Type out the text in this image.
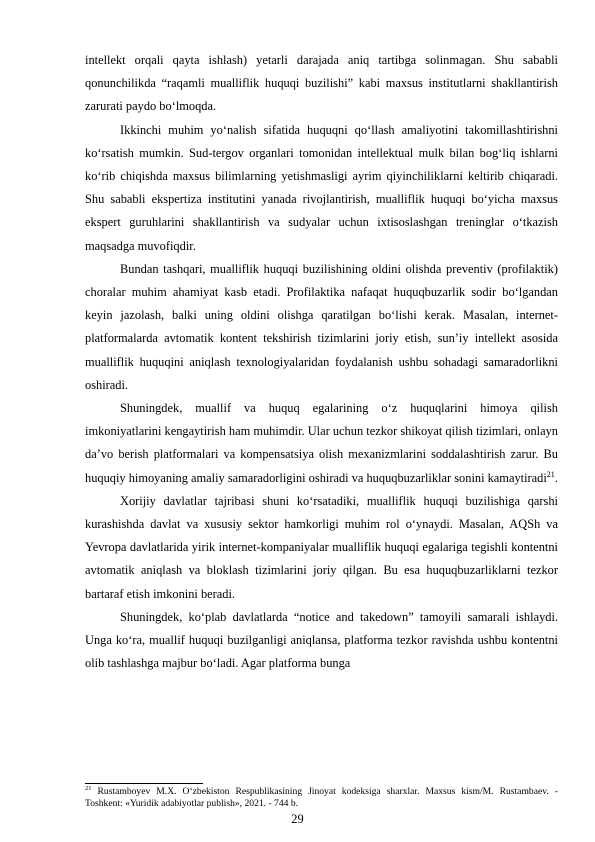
intellekt orqali qayta ishlash) yetarli darajada aniq tartibga solinmagan. Shu sababli qonunchilikda “raqamli mualliflik huquqi buzilishi” kabi maxsus institutlarni shakllantirish zarurati paydo bo‘lmoqda.

Ikkinchi muhim yo‘nalish sifatida huquqni qo‘llash amaliyotini takomillashtirishni ko‘rsatish mumkin. Sud-tergov organlari tomonidan intellektual mulk bilan bog‘liq ishlarni ko‘rib chiqishda maxsus bilimlarning yetishmasligi ayrim qiyinchiliklarni keltirib chiqaradi. Shu sababli ekspertiza institutini yanada rivojlantirish, mualliflik huquqi bo‘yicha maxsus ekspert guruhlarini shakllantirish va sudyalar uchun ixtisoslashgan treninglar o‘tkazish maqsadga muvofiqdir.

Bundan tashqari, mualliflik huquqi buzilishining oldini olishda preventiv (profilaktik) choralar muhim ahamiyat kasb etadi. Profilaktika nafaqat huquqbuzarlik sodir bo‘lgandan keyin jazolash, balki uning oldini olishga qaratilgan bo‘lishi kerak. Masalan, internet-platformalarda avtomatik kontent tekshirish tizimlarini joriy etish, sun’iy intellekt asosida mualliflik huquqini aniqlash texnologiyalaridan foydalanish ushbu sohadagi samaradorlikni oshiradi.

Shuningdek, muallif va huquq egalarining o‘z huquqlarini himoya qilish imkoniyatlarini kengaytirish ham muhimdir. Ular uchun tezkor shikoyat qilish tizimlari, onlayn da’vo berish platformalari va kompensatsiya olish mexanizmlarini soddalashtirish zarur. Bu huquqiy himoyaning amaliy samaradorligini oshiradi va huquqbuzarliklar sonini kamaytiradi$^{21}$.

Xorijiy davlatlar tajribasi shuni ko‘rsatadiki, mualliflik huquqi buzilishiga qarshi kurashishda davlat va xususiy sektor hamkorligi muhim rol o‘ynaydi. Masalan, AQSh va Yevropa davlatlarida yirik internet-kompaniyalar mualliflik huquqi egalariga tegishli kontentni avtomatik aniqlash va bloklash tizimlarini joriy qilgan. Bu esa huquqbuzarliklarni tezkor bartaraf etish imkonini beradi.

Shuningdek, ko‘plab davlatlarda “notice and takedown” tamoyili samarali ishlaydi. Unga ko‘ra, muallif huquqi buzilganligi aniqlansa, platforma tezkor ravishda ushbu kontentni olib tashlashga majbur bo‘ladi. Agar platforma bunga

$^{21}$ Rustamboyev M.X. O‘zbekiston Respublikasining Jinoyat kodeksiga sharxlar. Maxsus kism/M. Rustambaev. - Toshkent: «Yuridik adabiyotlar publish», 2021. - 744 b.

29
